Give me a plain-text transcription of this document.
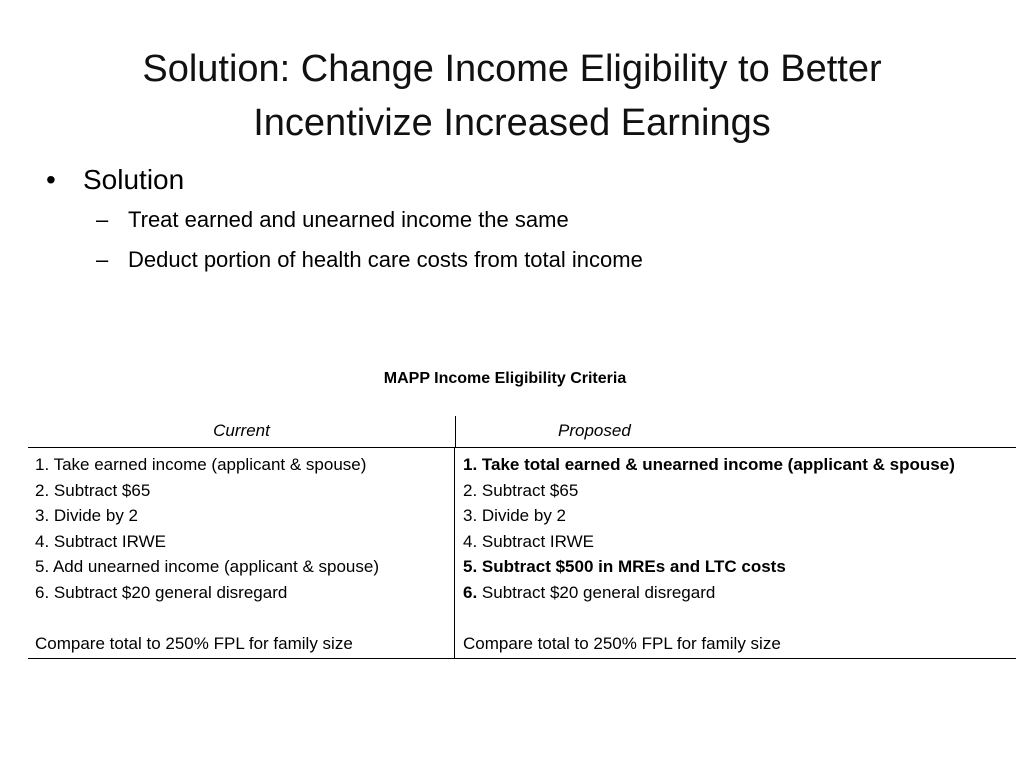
Solution: Change Income Eligibility to Better
Incentivize Increased Earnings
• Solution
– Treat earned and unearned income the same
– Deduct portion of health care costs from total income
MAPP Income Eligibility Criteria
Current	Proposed
1. Take earned income (applicant & spouse)
2. Subtract $65
3. Divide by 2
4. Subtract IRWE
5. Add unearned income (applicant & spouse)
6. Subtract $20 general disregard
Compare total to 250% FPL for family size
1. Take total earned & unearned income (applicant & spouse)
2. Subtract $65
3. Divide by 2
4. Subtract IRWE
5. Subtract $500 in MREs and LTC costs
6. Subtract $20 general disregard
Compare total to 250% FPL for family size
